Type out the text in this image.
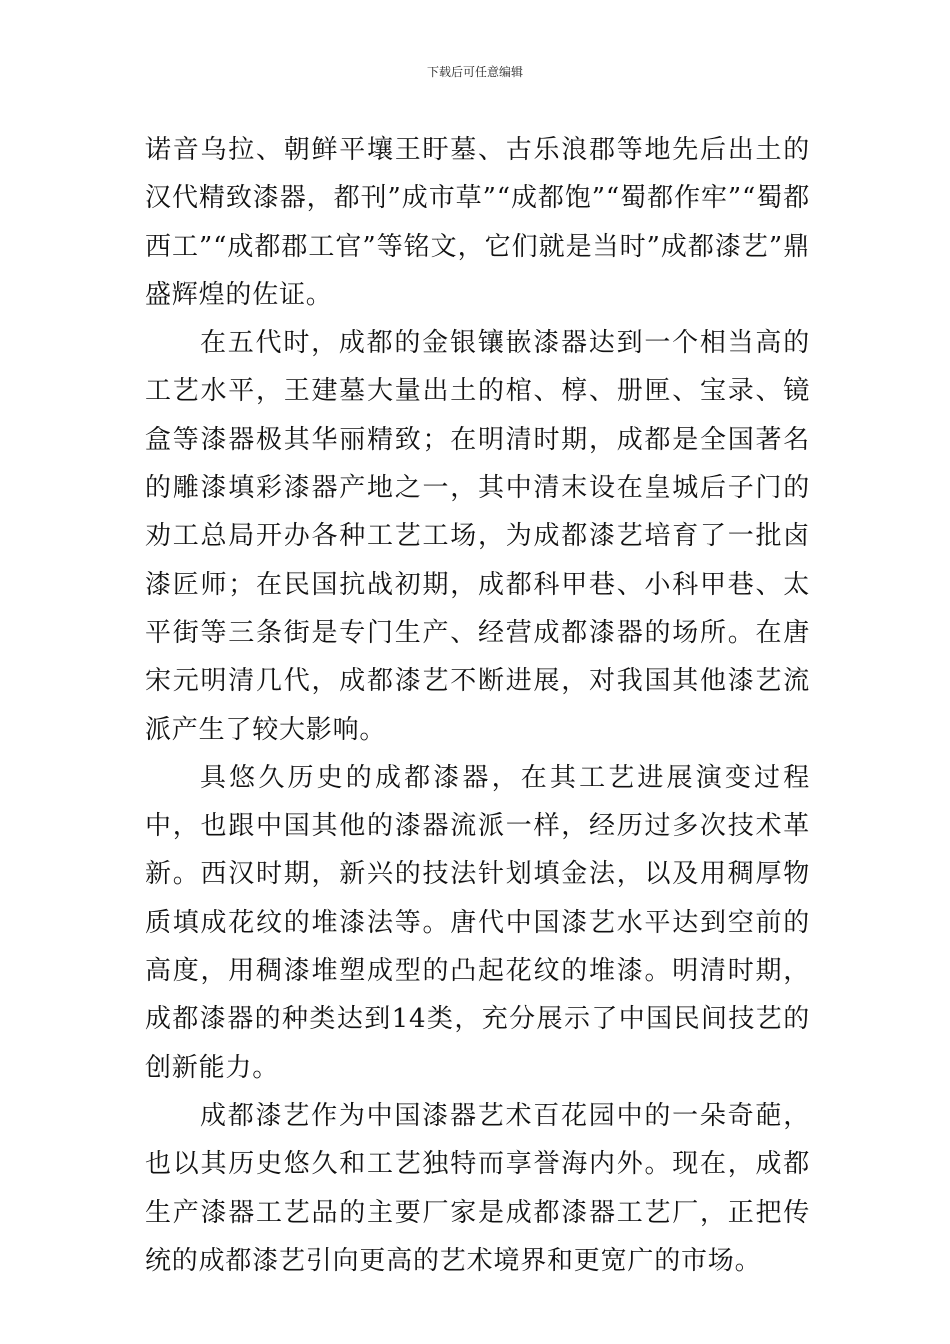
下载后可任意编辑

诺音乌拉、朝鲜平壤王盱墓、古乐浪郡等地先后出土的汉代精致漆器，都刊”成市草”“成都饱”“蜀都作牢”“蜀都西工”“成都郡工官”等铭文，它们就是当时”成都漆艺”鼎盛辉煌的佐证。

在五代时，成都的金银镶嵌漆器达到一个相当高的工艺水平，王建墓大量出土的棺、椁、册匣、宝录、镜盒等漆器极其华丽精致；在明清时期，成都是全国著名的雕漆填彩漆器产地之一，其中清末设在皇城后子门的劝工总局开办各种工艺工场，为成都漆艺培育了一批卤漆匠师；在民国抗战初期，成都科甲巷、小科甲巷、太平街等三条街是专门生产、经营成都漆器的场所。在唐宋元明清几代，成都漆艺不断进展，对我国其他漆艺流派产生了较大影响。

具悠久历史的成都漆器，在其工艺进展演变过程中，也跟中国其他的漆器流派一样，经历过多次技术革新。西汉时期，新兴的技法针划填金法，以及用稠厚物质填成花纹的堆漆法等。唐代中国漆艺水平达到空前的高度，用稠漆堆塑成型的凸起花纹的堆漆。明清时期，成都漆器的种类达到14类，充分展示了中国民间技艺的创新能力。

成都漆艺作为中国漆器艺术百花园中的一朵奇葩，也以其历史悠久和工艺独特而享誉海内外。现在，成都生产漆器工艺品的主要厂家是成都漆器工艺厂，正把传统的成都漆艺引向更高的艺术境界和更宽广的市场。
